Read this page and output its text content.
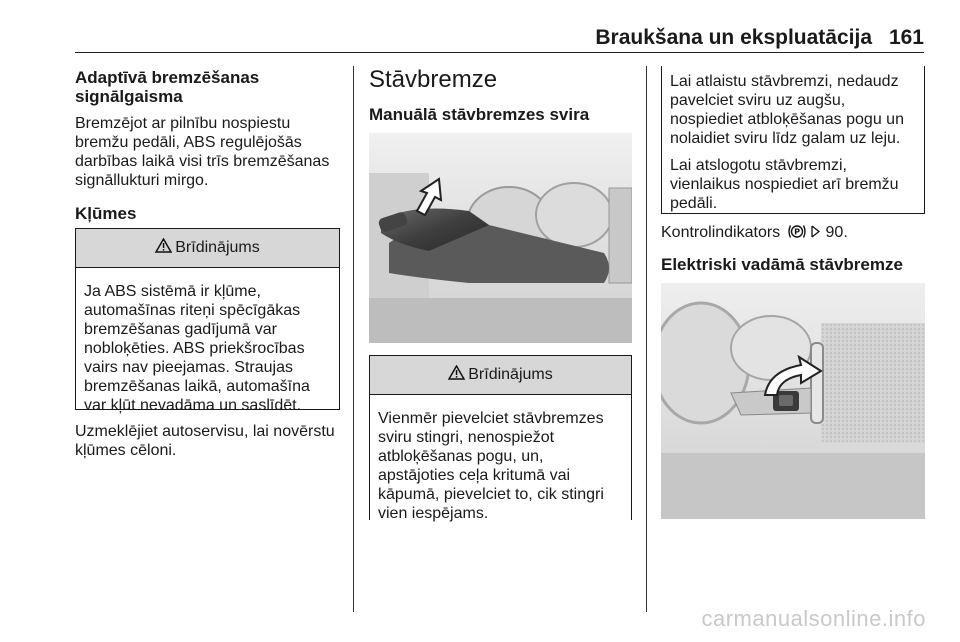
Braukšana un ekspluatācija 161
Adaptīvā bremzēšanas
signālgaisma
Bremzējot ar pilnību nospiestu
bremžu pedāli, ABS regulējošās
darbības laikā visi trīs bremzēšanas
signāllukturi mirgo.
Kļūmes
Brīdinājums
Ja ABS sistēmā ir kļūme,
automašīnas riteņi spēcīgākas
bremzēšanas gadījumā var
nobloķēties. ABS priekšrocības
vairs nav pieejamas. Straujas
bremzēšanas laikā, automašīna
var kļūt nevadāma un saslīdēt.
Uzmeklējiet autoservisu, lai novērstu
kļūmes cēloni.
Stāvbremze
Manuālā stāvbremzes svira
Brīdinājums
Vienmēr pievelciet stāvbremzes
sviru stingri, nenospiežot
atbloķēšanas pogu, un,
apstājoties ceļa kritumā vai
kāpumā, pievelciet to, cik stingri
vien iespējams.
Lai atlaistu stāvbremzi, nedaudz
pavelciet sviru uz augšu,
nospiediet atbloķēšanas pogu un
nolaidiet sviru līdz galam uz leju.
Lai atslogotu stāvbremzi,
vienlaikus nospiediet arī bremžu
pedāli.
Kontrolindikators P 90.
Elektriski vadāmā stāvbremze
carmanualsonline.info
